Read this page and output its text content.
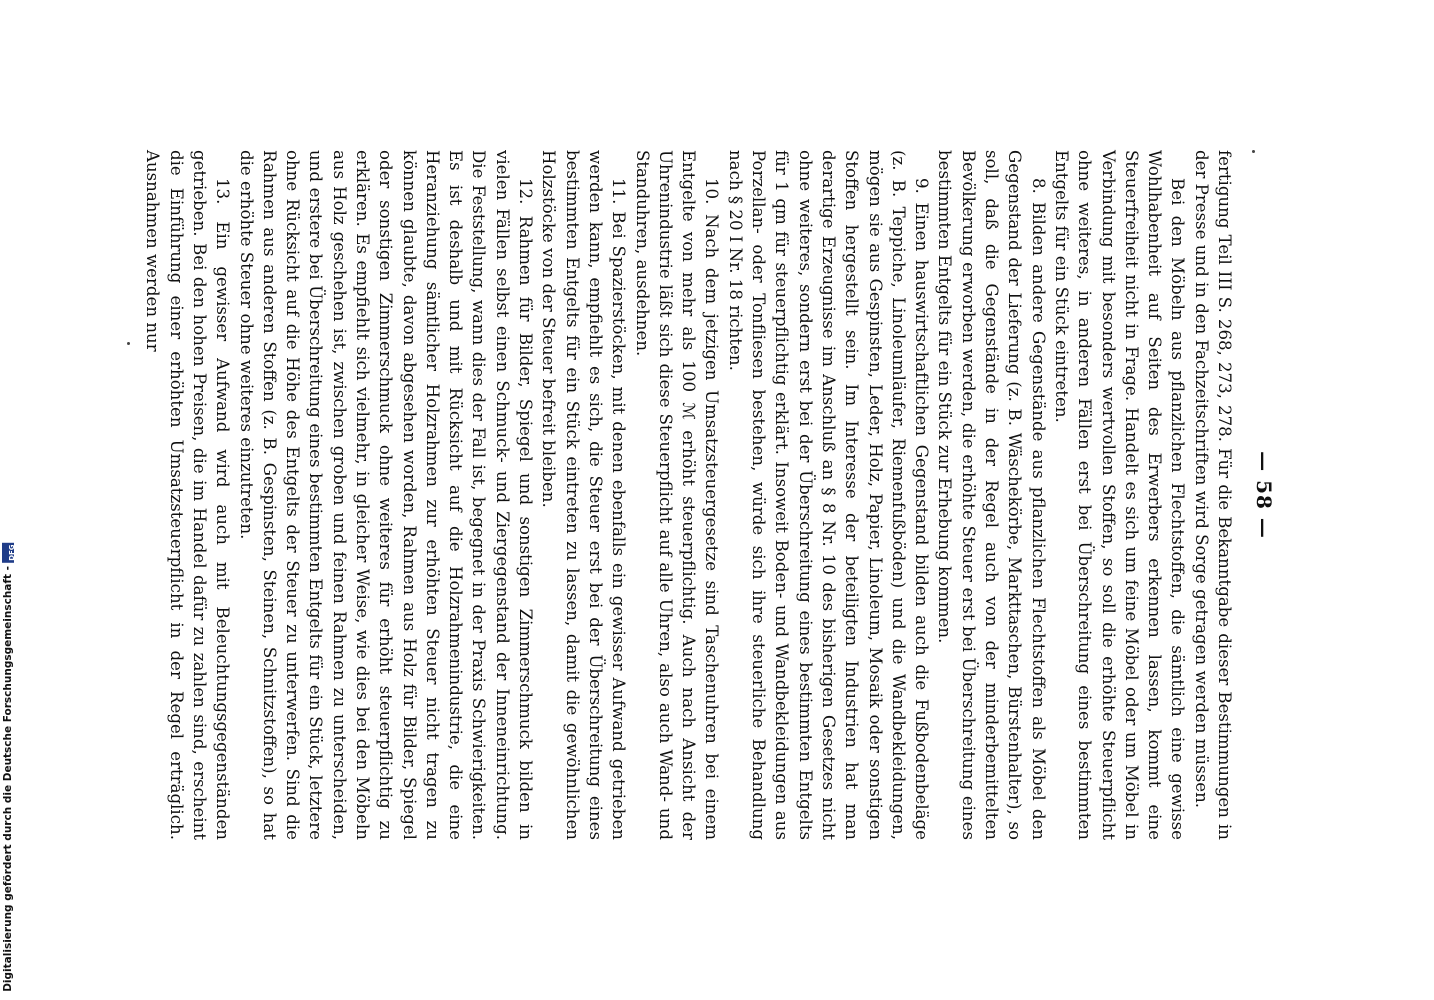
— 58 —

fertigung Teil III S. 268, 273, 278. Für die Bekanntgabe dieser Bestimmungen in der Presse und in den Fachzeitschriften wird Sorge getragen werden müssen.

Bei den Möbeln aus pflanzlichen Flechtstoffen, die sämtlich eine gewisse Wohlhabenheit auf Seiten des Erwerbers erkennen lassen, kommt eine Steuerfreiheit nicht in Frage. Handelt es sich um feine Möbel oder um Möbel in Verbindung mit besonders wertvollen Stoffen, so soll die erhöhte Steuerpflicht ohne weiteres, in anderen Fällen erst bei Überschreitung eines bestimmten Entgelts für ein Stück eintreten.

8. Bilden andere Gegenstände aus pflanzlichen Flechtstoffen als Möbel den Gegenstand der Lieferung (z. B. Wäschekörbe, Markttaschen, Bürstenhalter), so soll, daß die Gegenstände in der Regel auch von der minderbemittelten Bevölkerung erworben werden, die erhöhte Steuer erst bei Überschreitung eines bestimmten Entgelts für ein Stück zur Erhebung kommen.

9. Einen hauswirtschaftlichen Gegenstand bilden auch die Fußbodenbeläge (z. B. Teppiche, Linoleumläufer, Riemenfußböden) und die Wandbekleidungen, mögen sie aus Gespinsten, Leder, Holz, Papier, Linoleum, Mosaik oder sonstigen Stoffen hergestellt sein. Im Interesse der beteiligten Industrien hat man derartige Erzeugnisse im Anschluß an § 8 Nr. 10 des bisherigen Gesetzes nicht ohne weiteres, sondern erst bei der Überschreitung eines bestimmten Entgelts für 1 qm für steuerpflichtig erklärt. Insoweit Boden- und Wandbekleidungen aus Porzellan- oder Tonfliesen bestehen, würde sich ihre steuerliche Behandlung nach § 20 I Nr. 18 richten.

10. Nach dem jetzigen Umsatzsteuergesetze sind Taschenuhren bei einem Entgelte von mehr als 100 ℳ erhöht steuerpflichtig. Auch nach Ansicht der Uhrenindustrie läßt sich diese Steuerpflicht auf alle Uhren, also auch Wand- und Standuhren, ausdehnen.

11. Bei Spazierstöcken, mit denen ebenfalls ein gewisser Aufwand getrieben werden kann, empfiehlt es sich, die Steuer erst bei der Überschreitung eines bestimmten Entgelts für ein Stück eintreten zu lassen, damit die gewöhnlichen Holzstöcke von der Steuer befreit bleiben.

12. Rahmen für Bilder, Spiegel und sonstigen Zimmerschmuck bilden in vielen Fällen selbst einen Schmuck- und Ziergegenstand der Inneneinrichtung. Die Feststellung, wann dies der Fall ist, begegnet in der Praxis Schwierigkeiten. Es ist deshalb und mit Rücksicht auf die Holzrahmenindustrie, die eine Heranziehung sämtlicher Holzrahmen zur erhöhten Steuer nicht tragen zu können glaubte, davon abgesehen worden, Rahmen aus Holz für Bilder, Spiegel oder sonstigen Zimmerschmuck ohne weiteres für erhöht steuerpflichtig zu erklären. Es empfiehlt sich vielmehr, in gleicher Weise, wie dies bei den Möbeln aus Holz geschehen ist, zwischen groben und feinen Rahmen zu unterscheiden, und erstere bei Überschreitung eines bestimmten Entgelts für ein Stück, letztere ohne Rücksicht auf die Höhe des Entgelts der Steuer zu unterwerfen. Sind die Rahmen aus anderen Stoffen (z. B. Gespinsten, Steinen, Schnitzstoffen), so hat die erhöhte Steuer ohne weiteres einzutreten.

13. Ein gewisser Aufwand wird auch mit Beleuchtungsgegenständen getrieben. Bei den hohen Preisen, die im Handel dafür zu zahlen sind, erscheint die Einführung einer erhöhten Umsatzsteuerpflicht in der Regel erträglich. Ausnahmen werden nur

Digitalisierung gefördert durch die Deutsche Forschungsgemeinschaft -
DFG
